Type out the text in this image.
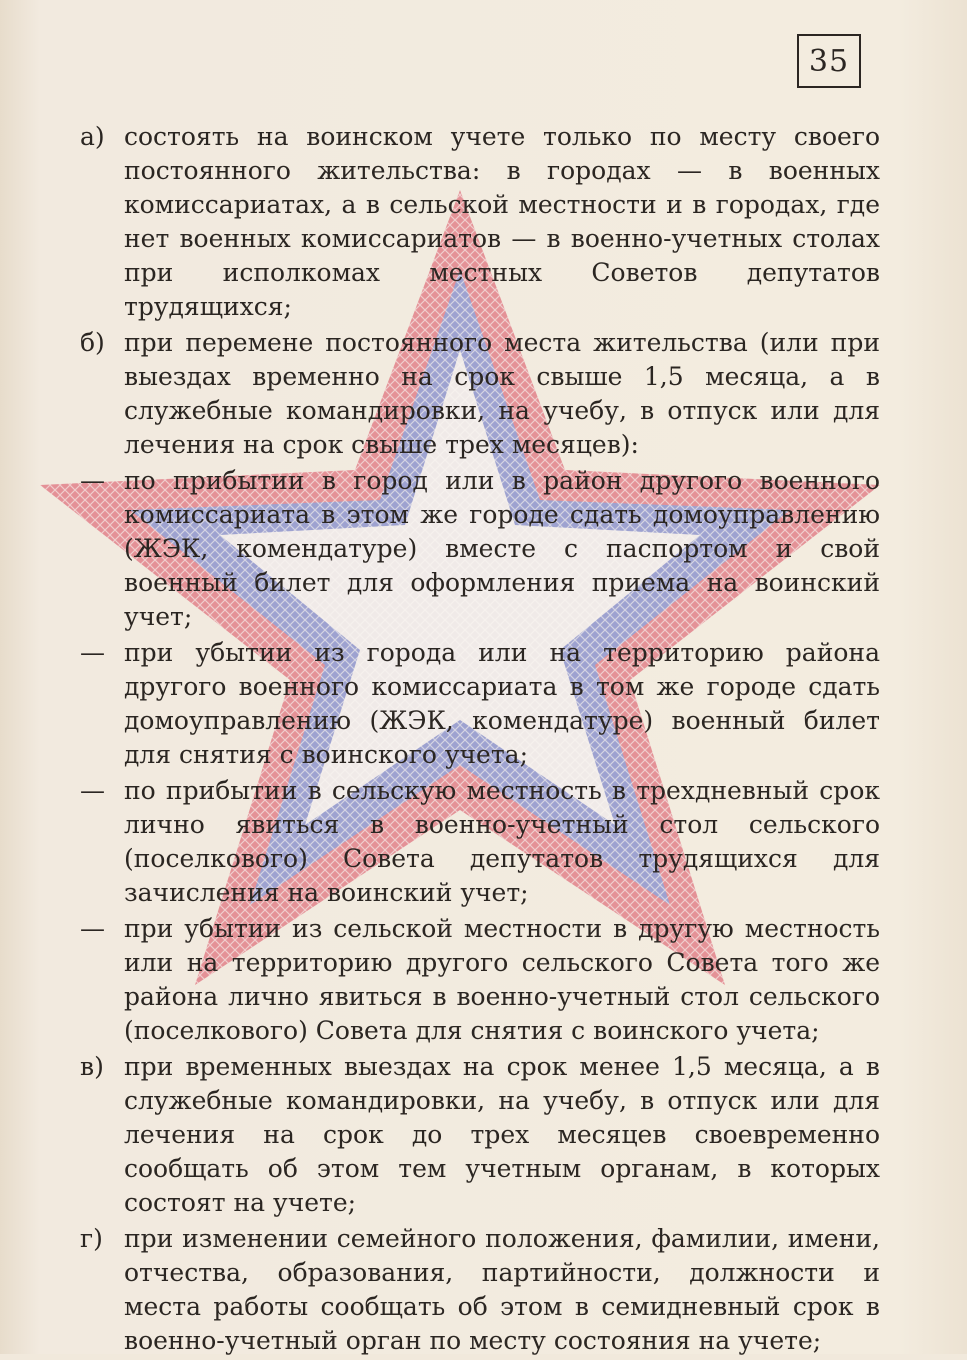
35
а) состоять на воинском учете только по месту своего постоянного жительства: в городах — в военных комиссариатах, а в сельской местности и в городах, где нет военных комиссариатов — в военно-учетных столах при исполкомах местных Советов депутатов трудящихся;
б) при перемене постоянного места жительства (или при выездах временно на срок свыше 1,5 месяца, а в служебные командировки, на учебу, в отпуск или для лечения на срок свыше трех месяцев):
— по прибытии в город или в район другого военного комиссариата в этом же городе сдать домоуправлению (ЖЭК, комендатуре) вместе с паспортом и свой военный билет для оформления приема на воинский учет;
— при убытии из города или на территорию района другого военного комиссариата в том же городе сдать домоуправлению (ЖЭК, комендатуре) военный билет для снятия с воинского учета;
— по прибытии в сельскую местность в трехдневный срок лично явиться в военно-учетный стол сельского (поселкового) Совета депутатов трудящихся для зачисления на воинский учет;
— при убытии из сельской местности в другую местность или на территорию другого сельского Совета того же района лично явиться в военно-учетный стол сельского (поселкового) Совета для снятия с воинского учета;
в) при временных выездах на срок менее 1,5 месяца, а в служебные командировки, на учебу, в отпуск или для лечения на срок до трех месяцев своевременно сообщать об этом тем учетным органам, в которых состоят на учете;
г) при изменении семейного положения, фамилии, имени, отчества, образования, партийности, должности и места работы сообщать об этом в семидневный срок в военно-учетный орган по месту состояния на учете;
